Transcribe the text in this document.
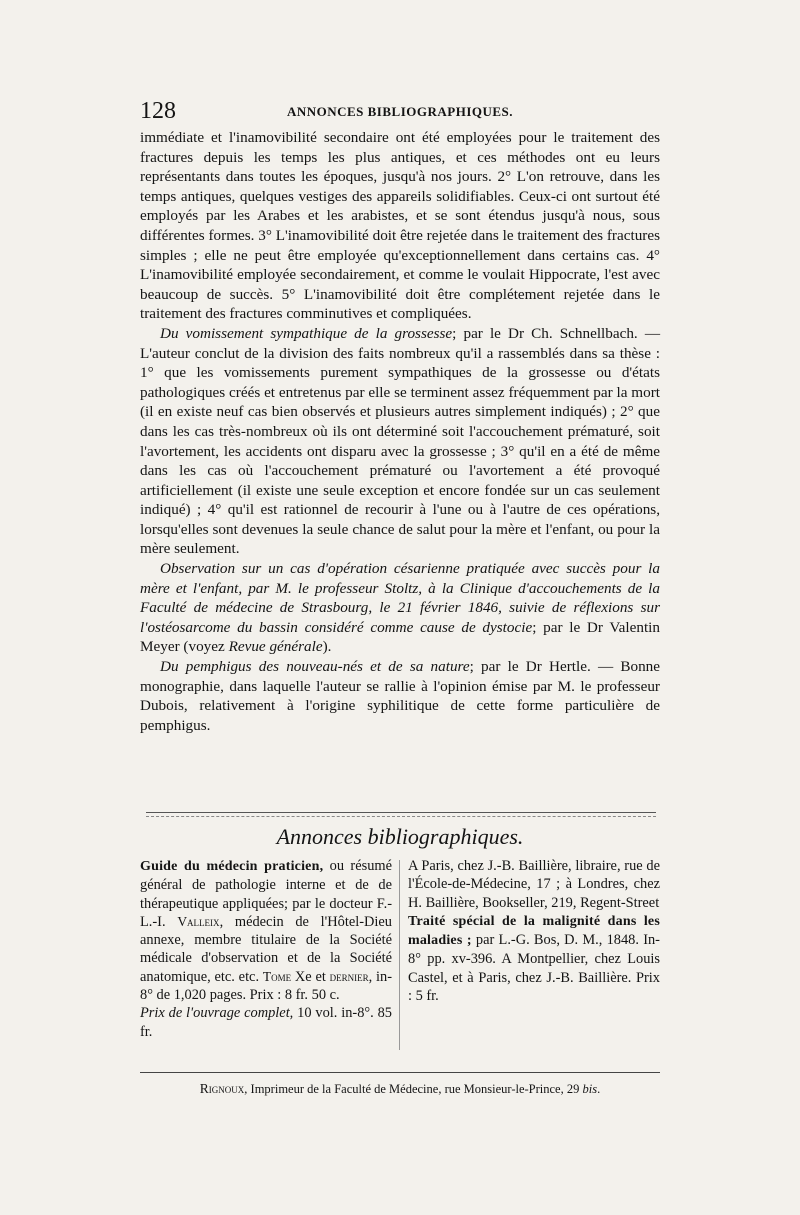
128	ANNONCES BIBLIOGRAPHIQUES.

immédiate et l'inamovibilité secondaire ont été employées pour le traitement des fractures depuis les temps les plus antiques, et ces méthodes ont eu leurs représentants dans toutes les époques, jusqu'à nos jours. 2° L'on retrouve, dans les temps antiques, quelques vestiges des appareils solidifiables. Ceux-ci ont surtout été employés par les Arabes et les arabistes, et se sont étendus jusqu'à nous, sous différentes formes. 3° L'inamovibilité doit être rejetée dans le traitement des fractures simples ; elle ne peut être employée qu'exceptionnellement dans certains cas. 4° L'inamovibilité employée secondairement, et comme le voulait Hippocrate, l'est avec beaucoup de succès. 5° L'inamovibilité doit être complétement rejetée dans le traitement des fractures comminutives et compliquées.

Du vomissement sympathique de la grossesse; par le Dr Ch. Schnellbach. — L'auteur conclut de la division des faits nombreux qu'il a rassemblés dans sa thèse : 1° que les vomissements purement sympathiques de la grossesse ou d'états pathologiques créés et entretenus par elle se terminent assez fréquemment par la mort (il en existe neuf cas bien observés et plusieurs autres simplement indiqués) ; 2° que dans les cas très-nombreux où ils ont déterminé soit l'accouchement prématuré, soit l'avortement, les accidents ont disparu avec la grossesse ; 3° qu'il en a été de même dans les cas où l'accouchement prématuré ou l'avortement a été provoqué artificiellement (il existe une seule exception et encore fondée sur un cas seulement indiqué) ; 4° qu'il est rationnel de recourir à l'une ou à l'autre de ces opérations, lorsqu'elles sont devenues la seule chance de salut pour la mère et l'enfant, ou pour la mère seulement.

Observation sur un cas d'opération césarienne pratiquée avec succès pour la mère et l'enfant, par M. le professeur Stoltz, à la Clinique d'accouchements de la Faculté de médecine de Strasbourg, le 21 février 1846, suivie de réflexions sur l'ostéosarcome du bassin considéré comme cause de dystocie; par le Dr Valentin Meyer (voyez Revue générale).

Du pemphigus des nouveau-nés et de sa nature; par le Dr Hertle. — Bonne monographie, dans laquelle l'auteur se rallie à l'opinion émise par M. le professeur Dubois, relativement à l'origine syphilitique de cette forme particulière de pemphigus.

Annonces bibliographiques.

Guide du médecin praticien, ou résumé général de pathologie interne et de de thérapeutique appliquées; par le docteur F.-L.-I. Valleix, médecin de l'Hôtel-Dieu annexe, membre titulaire de la Société médicale d'observation et de la Société anatomique, etc. etc. Tome Xe et dernier, in-8° de 1,020 pages. Prix : 8 fr. 50 c.

Prix de l'ouvrage complet, 10 vol. in-8°. 85 fr.

A Paris, chez J.-B. Baillière, libraire, rue de l'École-de-Médecine, 17 ; à Londres, chez H. Baillière, Bookseller, 219, Regent-Street

Traité spécial de la malignité dans les maladies ; par L.-G. Bos, D. M., 1848. In-8° pp. xv-396. A Montpellier, chez Louis Castel, et à Paris, chez J.-B. Baillière. Prix : 5 fr.

Rignoux, Imprimeur de la Faculté de Médecine, rue Monsieur-le-Prince, 29 bis.
